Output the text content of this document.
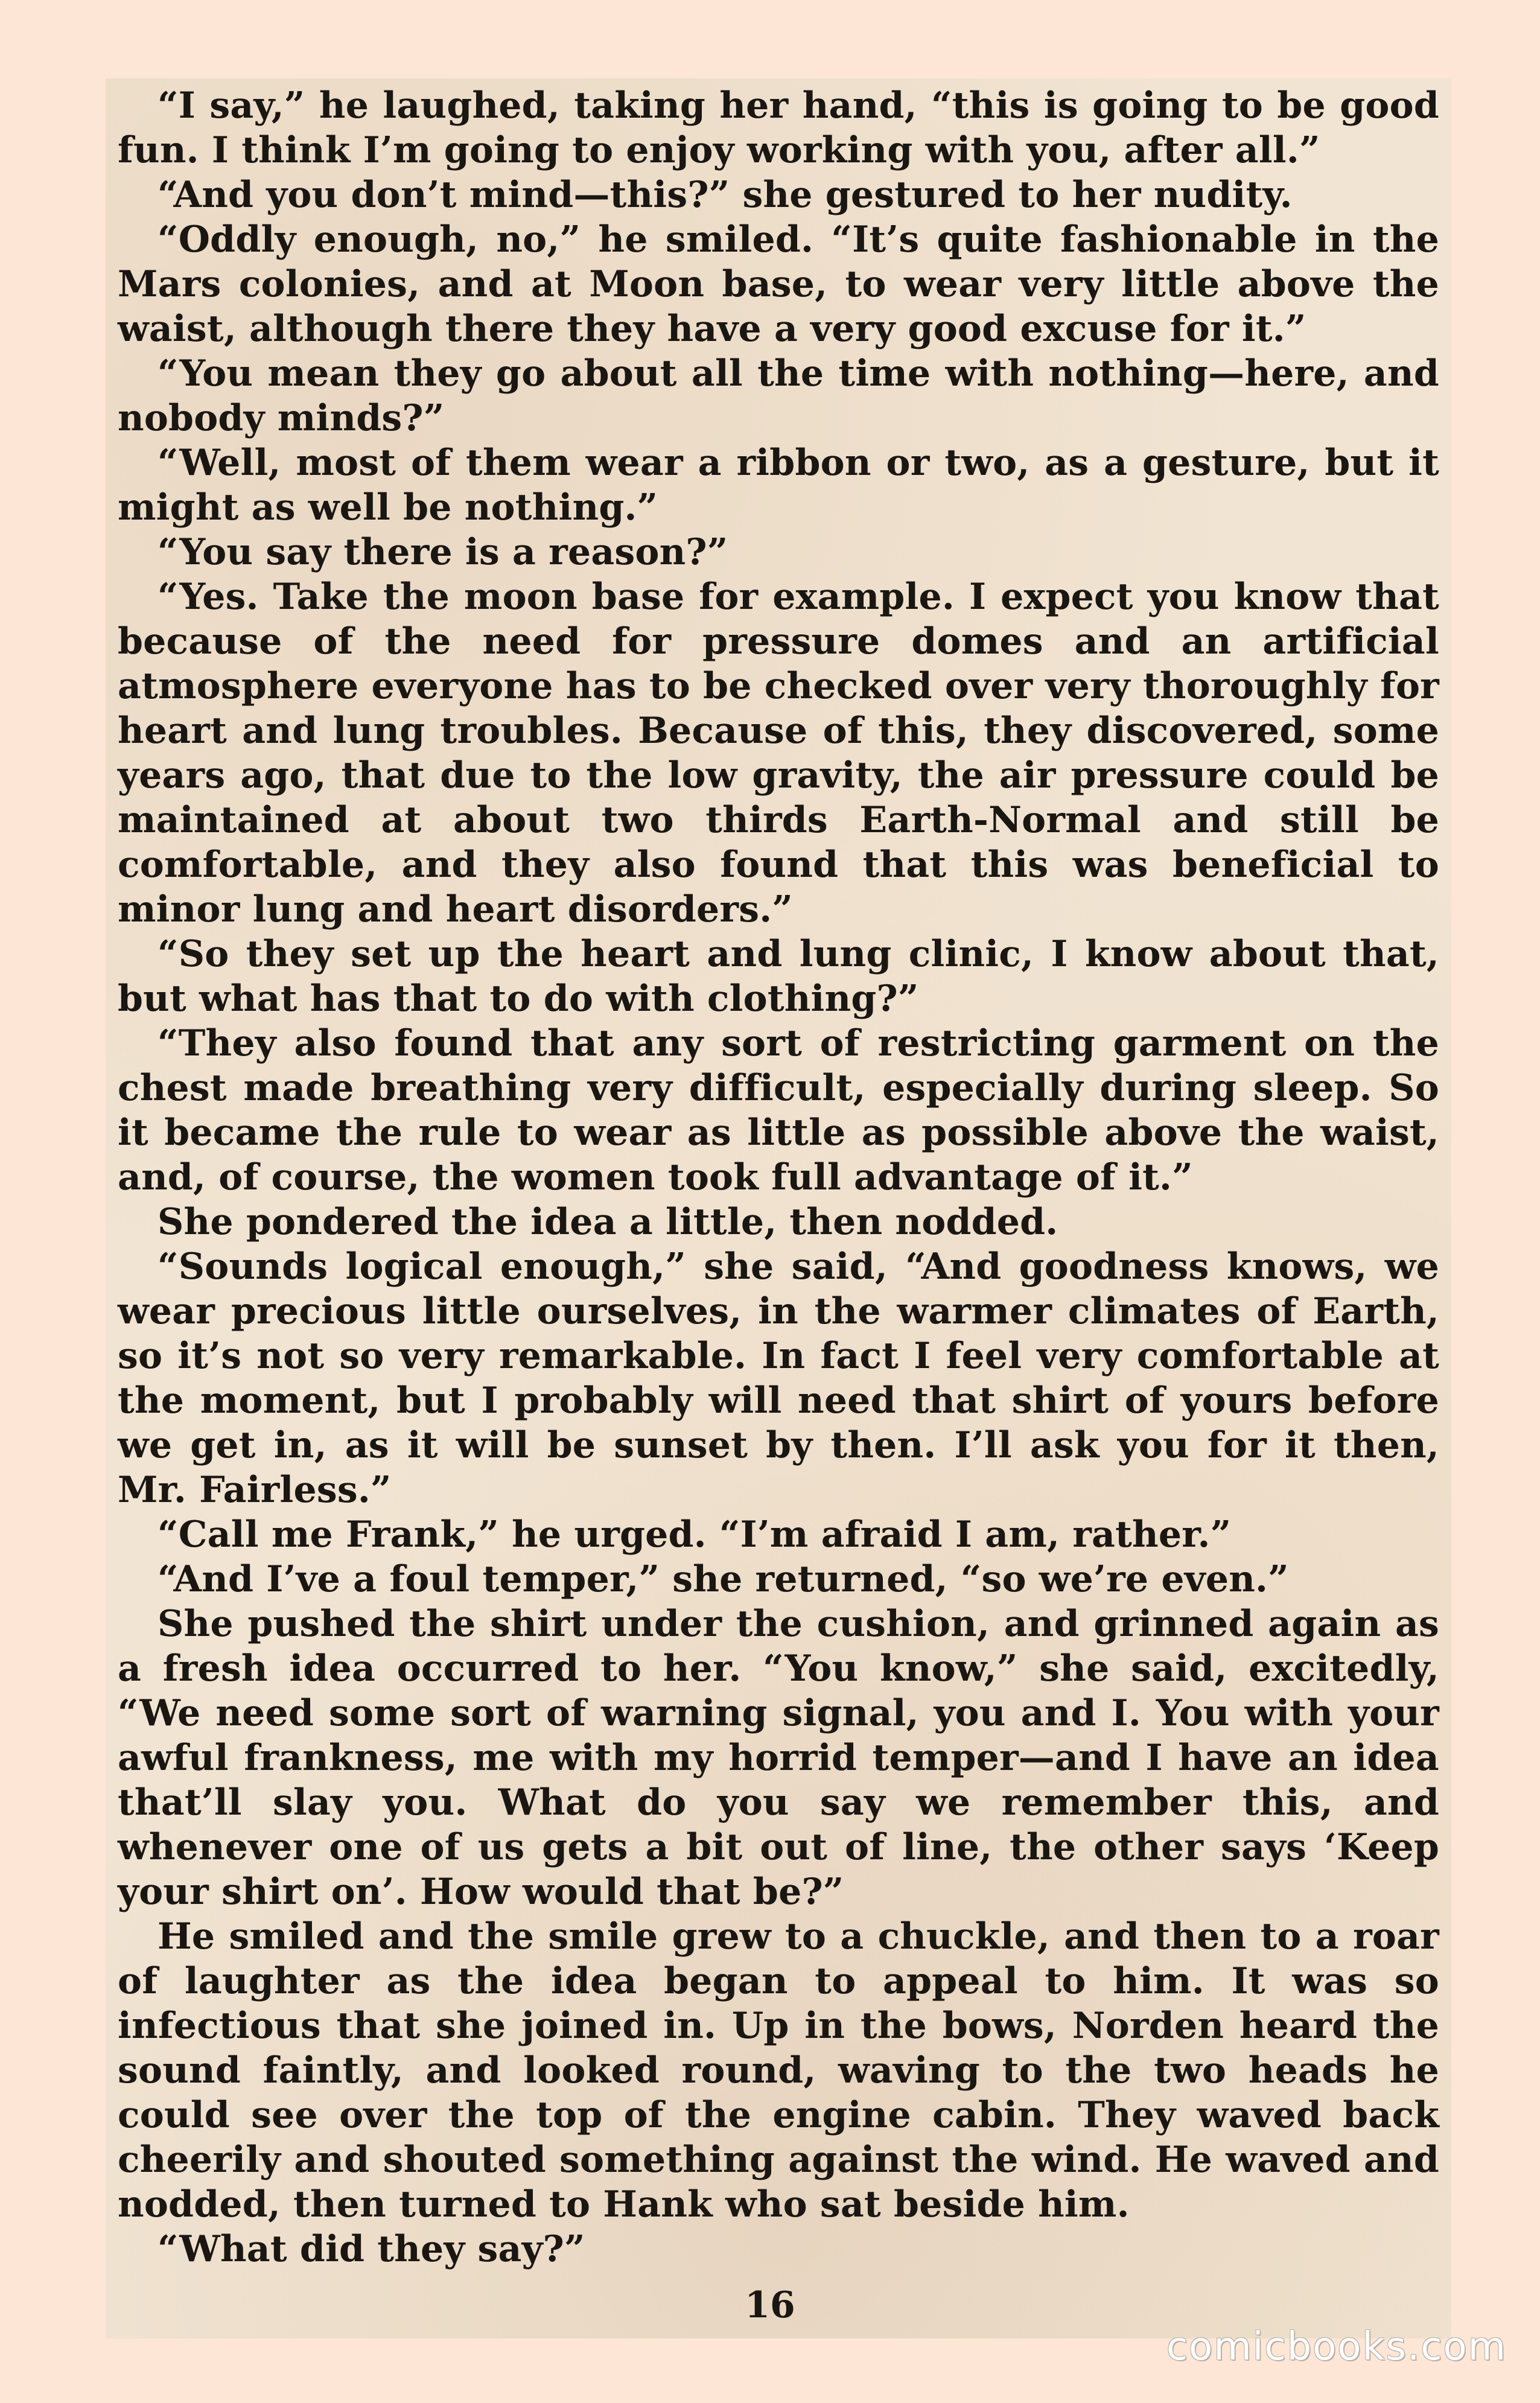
“I say,” he laughed, taking her hand, “this is going to be good fun. I think I’m going to enjoy working with you, after all.”

“And you don’t mind—this?” she gestured to her nudity.

“Oddly enough, no,” he smiled. “It’s quite fashionable in the Mars colonies, and at Moon base, to wear very little above the waist, although there they have a very good excuse for it.”

“You mean they go about all the time with nothing—here, and nobody minds?”

“Well, most of them wear a ribbon or two, as a gesture, but it might as well be nothing.”

“You say there is a reason?”

“Yes. Take the moon base for example. I expect you know that because of the need for pressure domes and an artificial atmosphere everyone has to be checked over very thoroughly for heart and lung troubles. Because of this, they discovered, some years ago, that due to the low gravity, the air pressure could be maintained at about two thirds Earth-Normal and still be comfortable, and they also found that this was beneficial to minor lung and heart disorders.”

“So they set up the heart and lung clinic, I know about that, but what has that to do with clothing?”

“They also found that any sort of restricting garment on the chest made breathing very difficult, especially during sleep. So it became the rule to wear as little as possible above the waist, and, of course, the women took full advantage of it.”

She pondered the idea a little, then nodded.

“Sounds logical enough,” she said, “And goodness knows, we wear precious little ourselves, in the warmer climates of Earth, so it’s not so very remarkable. In fact I feel very comfortable at the moment, but I probably will need that shirt of yours before we get in, as it will be sunset by then. I’ll ask you for it then, Mr. Fairless.”

“Call me Frank,” he urged. “I’m afraid I am, rather.”

“And I’ve a foul temper,” she returned, “so we’re even.”

She pushed the shirt under the cushion, and grinned again as a fresh idea occurred to her. “You know,” she said, excitedly, “We need some sort of warning signal, you and I. You with your awful frankness, me with my horrid temper—and I have an idea that’ll slay you. What do you say we remember this, and whenever one of us gets a bit out of line, the other says ‘Keep your shirt on’. How would that be?”

He smiled and the smile grew to a chuckle, and then to a roar of laughter as the idea began to appeal to him. It was so infectious that she joined in. Up in the bows, Norden heard the sound faintly, and looked round, waving to the two heads he could see over the top of the engine cabin. They waved back cheerily and shouted something against the wind. He waved and nodded, then turned to Hank who sat beside him.

“What did they say?”

16
comicbooks.com
